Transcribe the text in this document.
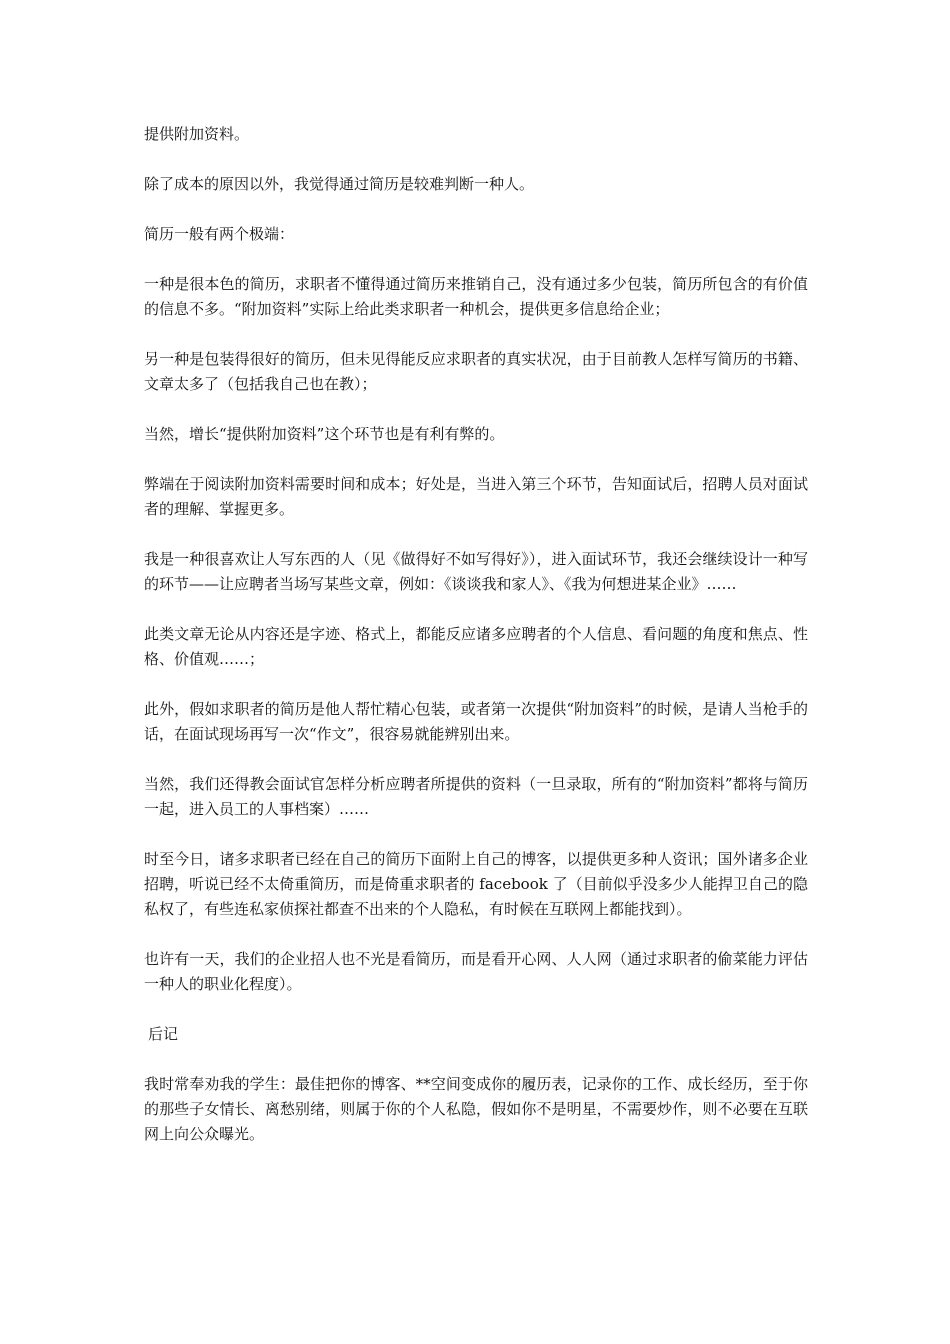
提供附加资料。

除了成本的原因以外，我觉得通过简历是较难判断一种人。

简历一般有两个极端：

一种是很本色的简历，求职者不懂得通过简历来推销自己，没有通过多少包装，简历所包含的有价值的信息不多。“附加资料”实际上给此类求职者一种机会，提供更多信息给企业；

另一种是包装得很好的简历，但未见得能反应求职者的真实状况，由于目前教人怎样写简历的书籍、文章太多了（包括我自己也在教）；

当然，增长“提供附加资料”这个环节也是有利有弊的。

弊端在于阅读附加资料需要时间和成本；好处是，当进入第三个环节，告知面试后，招聘人员对面试者的理解、掌握更多。

我是一种很喜欢让人写东西的人（见《做得好不如写得好》），进入面试环节，我还会继续设计一种写的环节——让应聘者当场写某些文章，例如：《谈谈我和家人》、《我为何想进某企业》……

此类文章无论从内容还是字迹、格式上，都能反应诸多应聘者的个人信息、看问题的角度和焦点、性格、价值观……；

此外，假如求职者的简历是他人帮忙精心包装，或者第一次提供“附加资料”的时候，是请人当枪手的话，在面试现场再写一次“作文”，很容易就能辨别出来。

当然，我们还得教会面试官怎样分析应聘者所提供的资料（一旦录取，所有的“附加资料”都将与简历一起，进入员工的人事档案）……

时至今日，诸多求职者已经在自己的简历下面附上自己的博客，以提供更多种人资讯；国外诸多企业招聘，听说已经不太倚重简历，而是倚重求职者的 facebook 了（目前似乎没多少人能捍卫自己的隐私权了，有些连私家侦探社都查不出来的个人隐私，有时候在互联网上都能找到）。

也许有一天，我们的企业招人也不光是看简历，而是看开心网、人人网（通过求职者的偷菜能力评估一种人的职业化程度）。

后记

我时常奉劝我的学生：最佳把你的博客、**空间变成你的履历表，记录你的工作、成长经历，至于你的那些子女情长、离愁别绪，则属于你的个人私隐，假如你不是明星，不需要炒作，则不必要在互联网上向公众曝光。
